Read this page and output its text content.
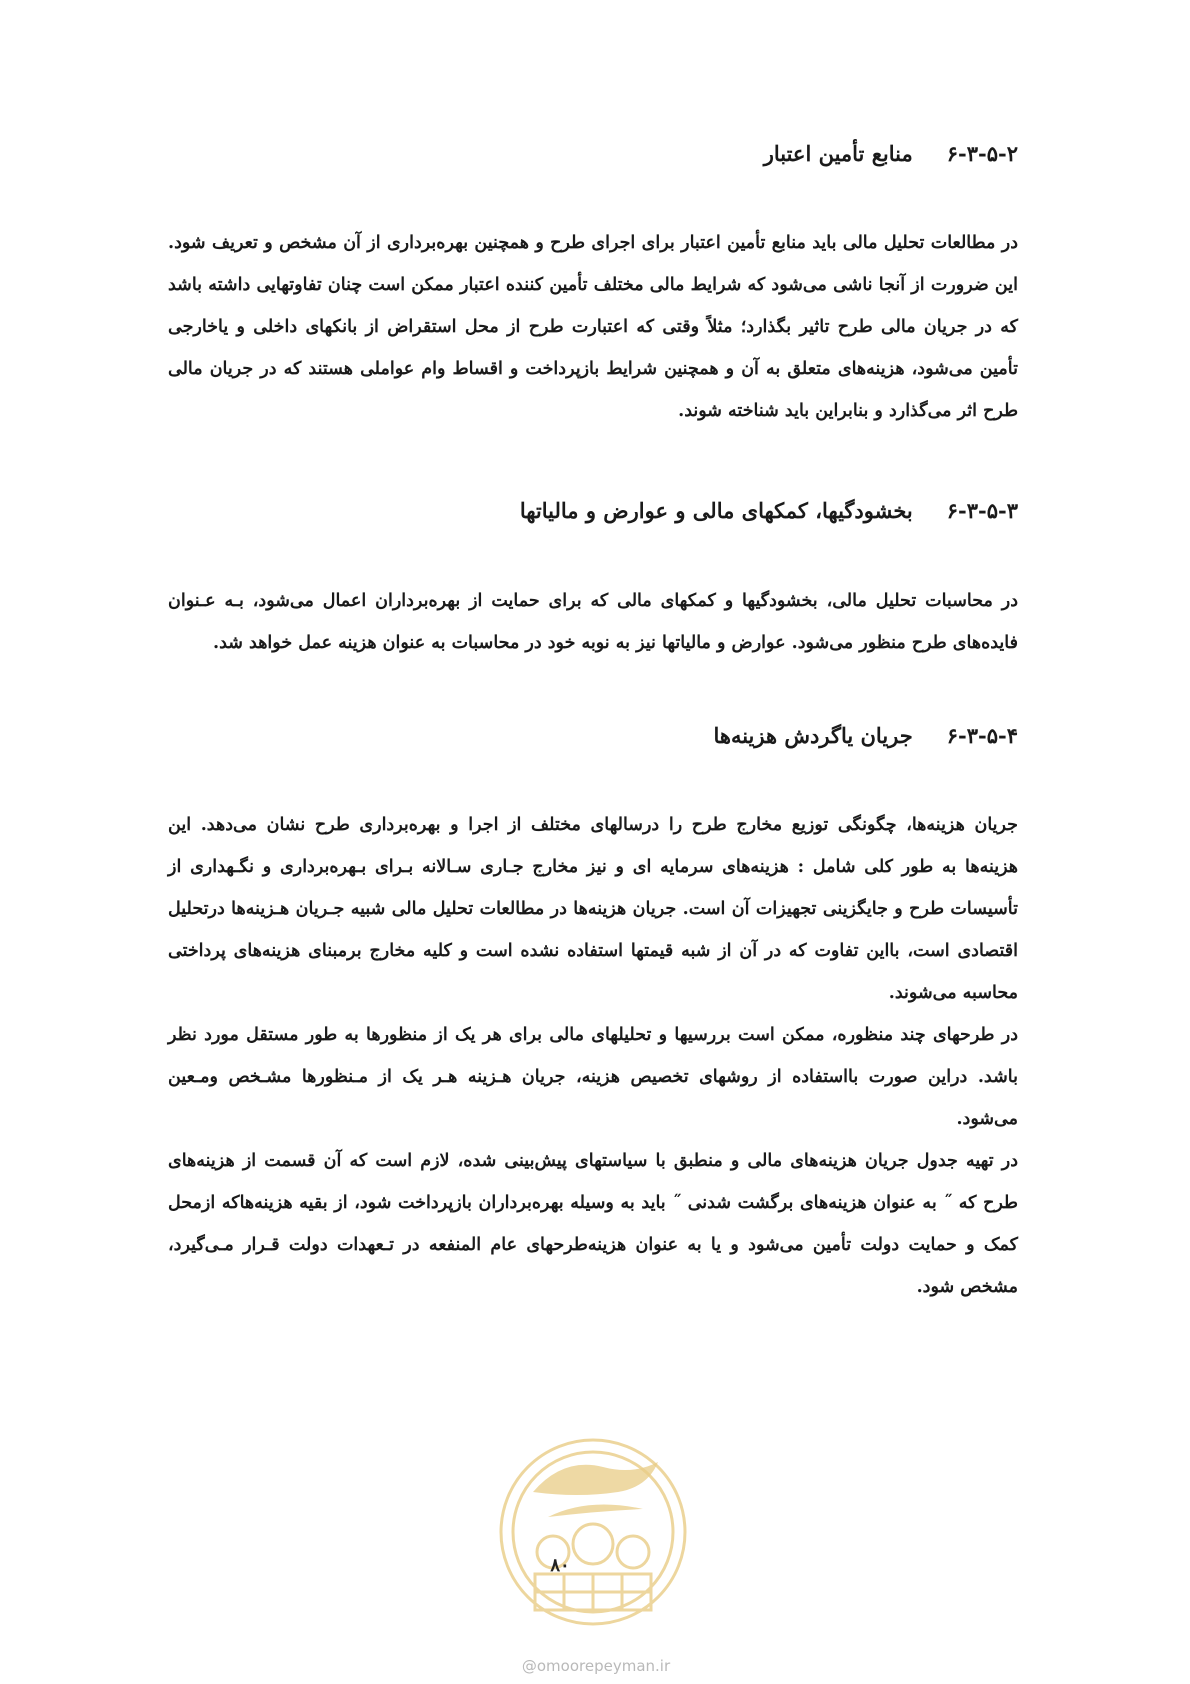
۶-۳-۵-۲منابع تأمین اعتبار

در مطالعات تحلیل مالی باید منابع تأمین اعتبار برای اجرای طرح و همچنین بهره‌برداری از آن مشخص و تعریف شود. این ضرورت از آنجا ناشی می‌شود که شرایط مالی مختلف تأمین کننده اعتبار ممکن است چنان تفاوتهایی داشته باشد که در جریان مالی طرح تاثیر بگذارد؛ مثلاً وقتی که اعتبارت طرح از محل استقراض از بانکهای داخلی و یاخارجی تأمین می‌شود، هزینه‌های متعلق به آن و همچنین شرایط بازپرداخت و اقساط وام عواملی هستند که در جریان مالی طرح اثر می‌گذارد و بنابراین باید شناخته شوند.

۶-۳-۵-۳بخشودگیها، کمکهای مالی و عوارض و مالیاتها

در محاسبات تحلیل مالی، بخشودگیها و کمکهای مالی که برای حمایت از بهره‌برداران اعمال می‌شود، بـه عـنوان فایده‌های طرح منظور می‌شود. عوارض و مالیاتها نیز به نوبه خود در محاسبات به عنوان هزینه عمل خواهد شد.

۶-۳-۵-۴جریان یاگردش هزینه‌ها

جریان هزینه‌ها، چگونگی توزیع مخارج طرح را درسالهای مختلف از اجرا و بهره‌برداری طرح نشان می‌دهد. این هزینه‌ها به طور کلی شامل : هزینه‌های سرمایه ای و نیز مخارج جـاری سـالانه بـرای بـهره‌برداری و نگـهداری از تأسیسات طرح و جایگزینی تجهیزات آن است. جریان هزینه‌ها در مطالعات تحلیل مالی شبیه جـریان هـزینه‌ها درتحلیل اقتصادی است، بااین تفاوت که در آن از شبه قیمتها استفاده نشده است و کلیه مخارج برمبنای هزینه‌های پرداختی محاسبه می‌شوند.

در طرحهای چند منظوره، ممکن است بررسیها و تحلیلهای مالی برای هر یک از منظورها به طور مستقل مورد نظر باشد. دراین صورت بااستفاده از روشهای تخصیص هزینه، جریان هـزینه هـر یک از مـنظورها مشـخص ومـعین می‌شود.

در تهیه جدول جریان هزینه‌های مالی و منطبق با سیاستهای پیش‌بینی شده، لازم است که آن قسمت از هزینه‌های طرح که ˝ به عنوان هزینه‌های برگشت شدنی ˝ باید به وسیله بهره‌برداران بازپرداخت شود، از بقیه هزینه‌هاکه ازمحل کمک و حمایت دولت تأمین می‌شود و یا به عنوان هزینه‌طرحهای عام المنفعه در تـعهدات دولت قـرار مـی‌گیرد، مشخص شود.

۸۰
@omoorepeyman.ir
